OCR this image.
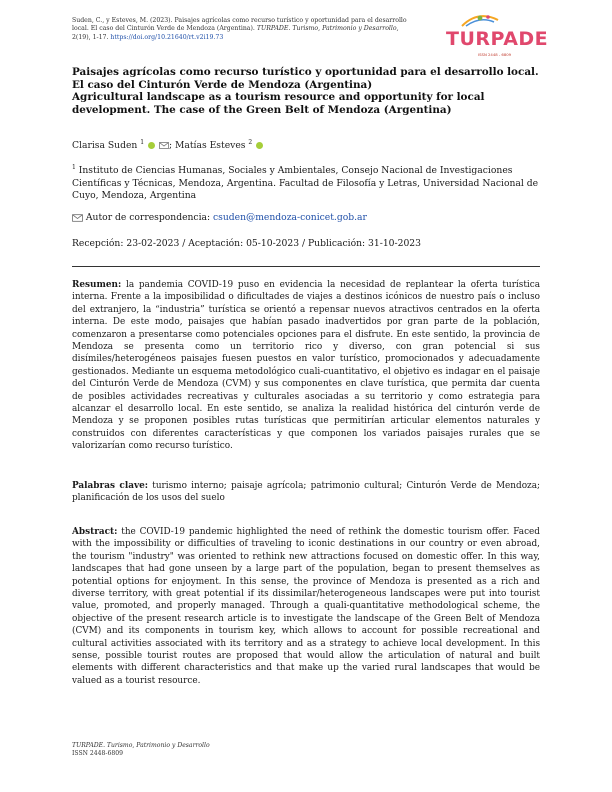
Suden, C., y Esteves, M. (2023). Paisajes agrícolas como recurso turístico y oportunidad para el desarrollo local. El caso del Cinturón Verde de Mendoza (Argentina). TURPADE. Turismo, Patrimonio y Desarrollo, 2(19), 1-17. https://doi.org/10.21640/rt.v2i19.73	TURPADE
ISSN 2448 - 6809
Paisajes agrícolas como recurso turístico y oportunidad para el desarrollo local. El caso del Cinturón Verde de Mendoza (Argentina)
Agricultural landscape as a tourism resource and opportunity for local development. The case of the Green Belt of Mendoza (Argentina)
Clarisa Suden $^1$	; Matías Esteves $^2$
$^1$ Instituto de Ciencias Humanas, Sociales y Ambientales, Consejo Nacional de Investigaciones Científicas y Técnicas, Mendoza, Argentina. Facultad de Filosofía y Letras, Universidad Nacional de Cuyo, Mendoza, Argentina
Autor de correspondencia: csuden@mendoza-conicet.gob.ar
Recepción: 23-02-2023 / Aceptación: 05-10-2023 / Publicación: 31-10-2023
Resumen: la pandemia COVID-19 puso en evidencia la necesidad de replantear la oferta turística interna. Frente a la imposibilidad o dificultades de viajes a destinos icónicos de nuestro país o incluso del extranjero, la “industria” turística se orientó a repensar nuevos atractivos centrados en la oferta interna. De este modo, paisajes que habían pasado inadvertidos por gran parte de la población, comenzaron a presentarse como potenciales opciones para el disfrute. En este sentido, la provincia de Mendoza se presenta como un territorio rico y diverso, con gran potencial si sus disímiles/heterogéneos paisajes fuesen puestos en valor turístico, promocionados y adecuadamente gestionados. Mediante un esquema metodológico cuali-cuantitativo, el objetivo es indagar en el paisaje del Cinturón Verde de Mendoza (CVM) y sus componentes en clave turística, que permita dar cuenta de posibles actividades recreativas y culturales asociadas a su territorio y como estrategia para alcanzar el desarrollo local. En este sentido, se analiza la realidad histórica del cinturón verde de Mendoza y se proponen posibles rutas turísticas que permitirían articular elementos naturales y construidos con diferentes características y que componen los variados paisajes rurales que se valorizarían como recurso turístico.
Palabras clave: turismo interno; paisaje agrícola; patrimonio cultural; Cinturón Verde de Mendoza; planificación de los usos del suelo
Abstract: the COVID-19 pandemic highlighted the need of rethink the domestic tourism offer. Faced with the impossibility or difficulties of traveling to iconic destinations in our country or even abroad, the tourism "industry" was oriented to rethink new attractions focused on domestic offer. In this way, landscapes that had gone unseen by a large part of the population, began to present themselves as potential options for enjoyment. In this sense, the province of Mendoza is presented as a rich and diverse territory, with great potential if its dissimilar/heterogeneous landscapes were put into tourist value, promoted, and properly managed. Through a quali-quantitative methodological scheme, the objective of the present research article is to investigate the landscape of the Green Belt of Mendoza (CVM) and its components in tourism key, which allows to account for possible recreational and cultural activities associated with its territory and as a strategy to achieve local development. In this sense, possible tourist routes are proposed that would allow the articulation of natural and built elements with different characteristics and that make up the varied rural landscapes that would be valued as a tourist resource.
TURPADE. Turismo, Patrimonio y Desarrollo
ISSN 2448-6809
